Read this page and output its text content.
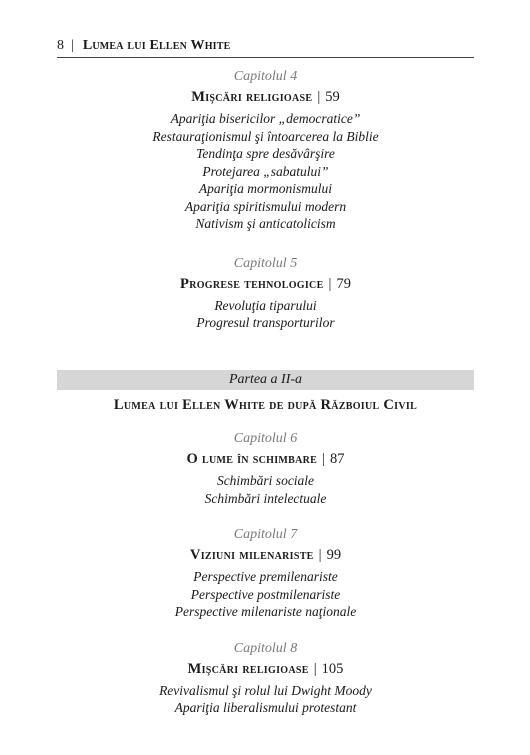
8 | Lumea lui Ellen White
Capitolul 4
Mişcări religioase | 59
Apariţia bisericilor „democratice”
Restauraţionismul şi întoarcerea la Biblie
Tendinţa spre desăvârşire
Protejarea „sabatului”
Apariţia mormonismului
Apariţia spiritismului modern
Nativism şi anticatolicism
Capitolul 5
Progrese tehnologice | 79
Revoluţia tiparului
Progresul transporturilor
Partea a II-a
Lumea lui Ellen White de după Războiul Civil
Capitolul 6
O lume în schimbare | 87
Schimbări sociale
Schimbări intelectuale
Capitolul 7
Viziuni milenariste | 99
Perspective premilenariste
Perspective postmilenariste
Perspective milenariste naţionale
Capitolul 8
Mişcări religioase | 105
Revivalismul şi rolul lui Dwight Moody
Apariţia liberalismului protestant
